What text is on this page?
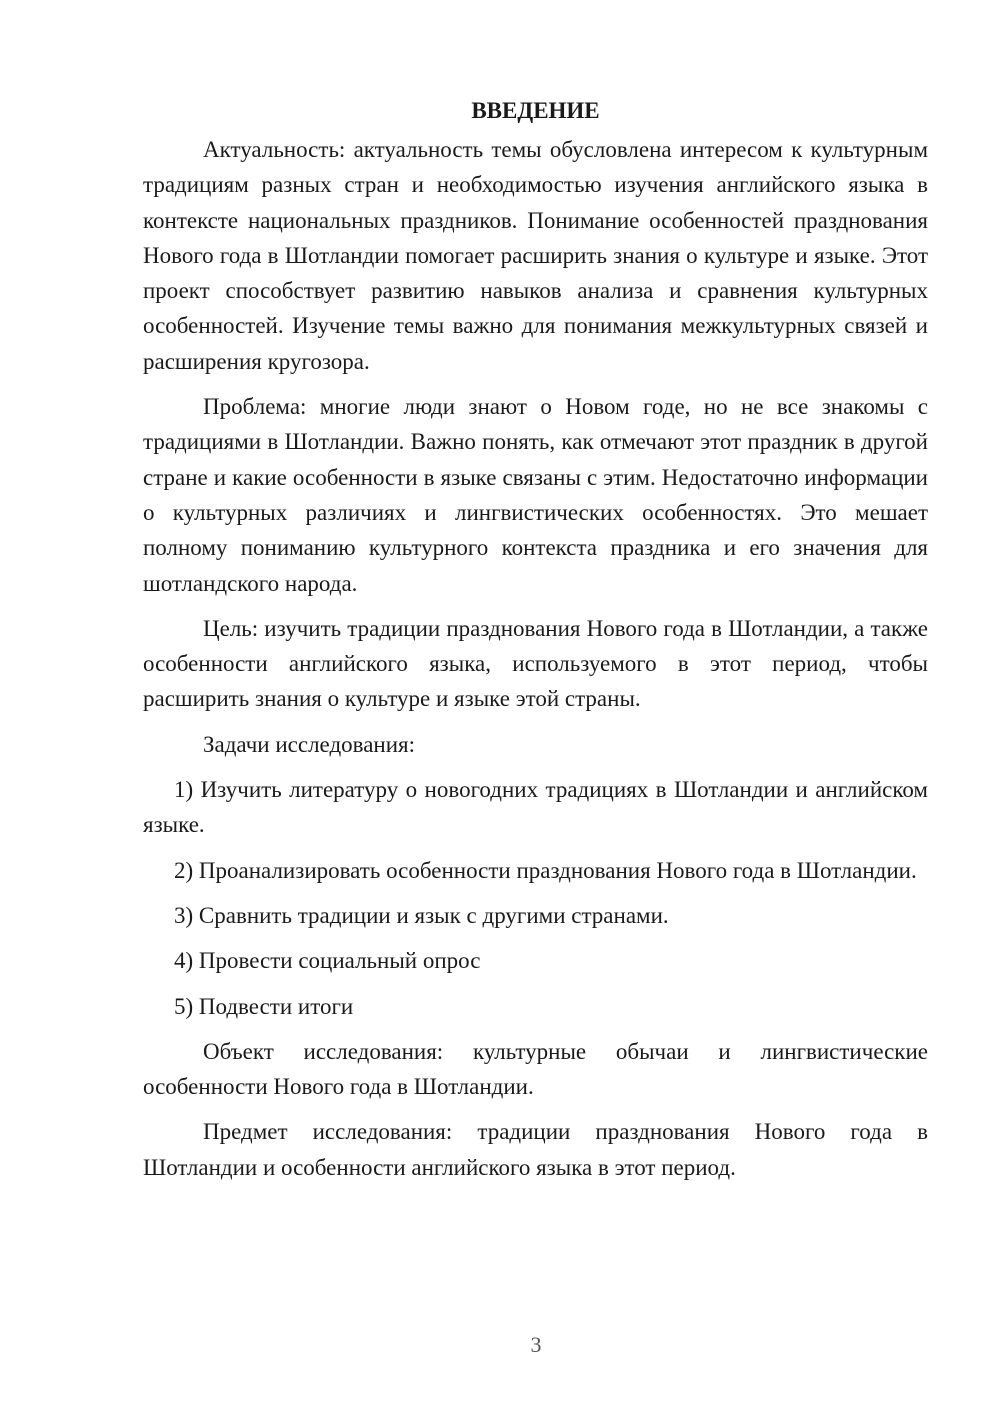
ВВЕДЕНИЕ

Актуальность: актуальность темы обусловлена интересом к культурным традициям разных стран и необходимостью изучения английского языка в контексте национальных праздников. Понимание особенностей празднования Нового года в Шотландии помогает расширить знания о культуре и языке. Этот проект способствует развитию навыков анализа и сравнения культурных особенностей. Изучение темы важно для понимания межкультурных связей и расширения кругозора.

Проблема: многие люди знают о Новом годе, но не все знакомы с традициями в Шотландии. Важно понять, как отмечают этот праздник в другой стране и какие особенности в языке связаны с этим. Недостаточно информации о культурных различиях и лингвистических особенностях. Это мешает полному пониманию культурного контекста праздника и его значения для шотландского народа.

Цель: изучить традиции празднования Нового года в Шотландии, а также особенности английского языка, используемого в этот период, чтобы расширить знания о культуре и языке этой страны.

Задачи исследования:

1) Изучить литературу о новогодних традициях в Шотландии и английском языке.

2) Проанализировать особенности празднования Нового года в Шотландии.

3) Сравнить традиции и язык с другими странами.

4) Провести социальный опрос

5) Подвести итоги

Объект исследования: культурные обычаи и лингвистические особенности Нового года в Шотландии.

Предмет исследования: традиции празднования Нового года в Шотландии и особенности английского языка в этот период.

3
